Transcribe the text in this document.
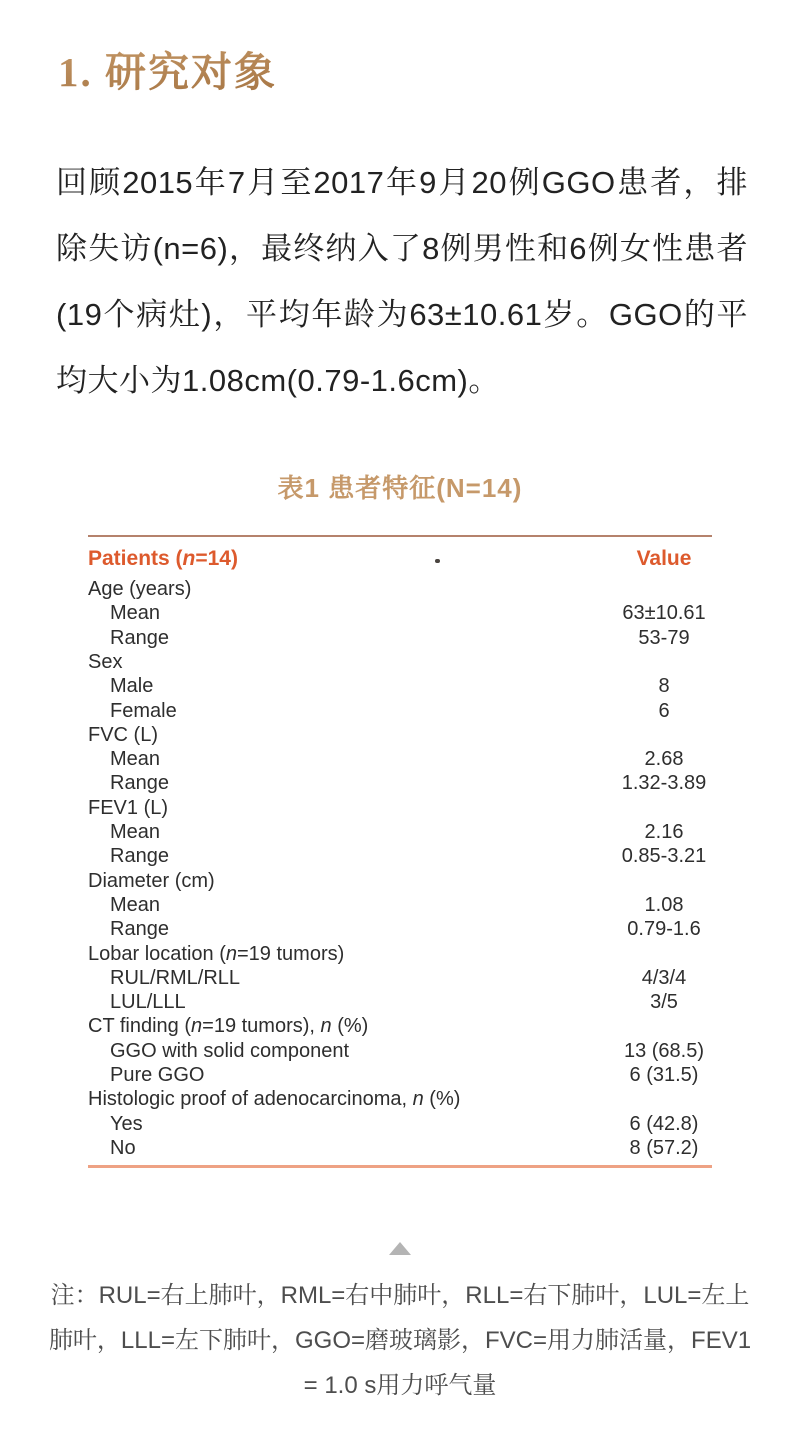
1. 研究对象

回顾2015年7月至2017年9月20例GGO患者，排除失访(n=6)，最终纳入了8例男性和6例女性患者(19个病灶)，平均年龄为63±10.61岁。GGO的平均大小为1.08cm(0.79-1.6cm)。

表1 患者特征(N=14)
Patients (n=14)	Value
Age (years)
Mean	63±10.61
Range	53-79
Sex
Male	8
Female	6
FVC (L)
Mean	2.68
Range	1.32-3.89
FEV1 (L)
Mean	2.16
Range	0.85-3.21
Diameter (cm)
Mean	1.08
Range	0.79-1.6
Lobar location (n=19 tumors)
RUL/RML/RLL	4/3/4
LUL/LLL	3/5
CT finding (n=19 tumors), n (%)
GGO with solid component	13 (68.5)
Pure GGO	6 (31.5)
Histologic proof of adenocarcinoma, n (%)
Yes	6 (42.8)
No	8 (57.2)

注：RUL=右上肺叶，RML=右中肺叶，RLL=右下肺叶，LUL=左上肺叶，LLL=左下肺叶，GGO=磨玻璃影，FVC=用力肺活量，FEV1 = 1.0 s用力呼气量
